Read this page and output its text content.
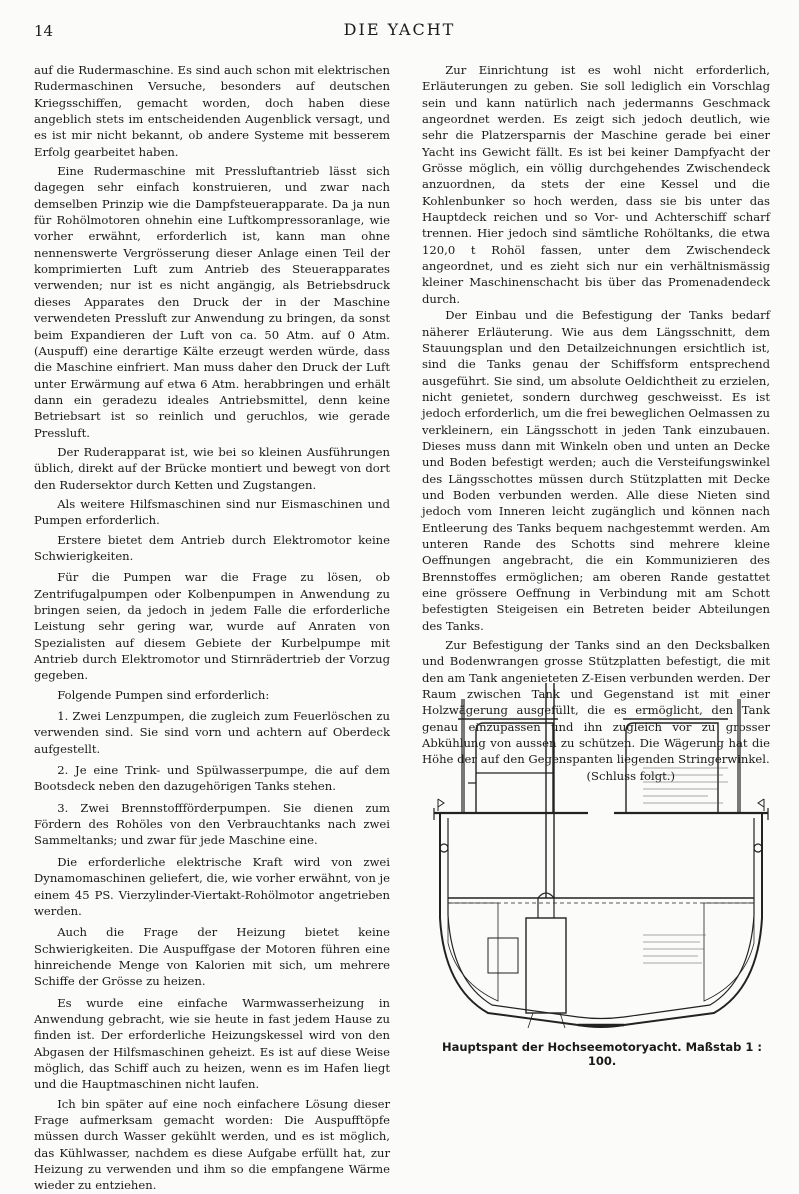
14	DIE YACHT

auf die Rudermaschine. Es sind auch schon mit elektrischen Rudermaschinen Versuche, besonders auf deutschen Kriegsschiffen, gemacht worden, doch haben diese angeblich stets im entscheidenden Augenblick versagt, und es ist mir nicht bekannt, ob andere Systeme mit besserem Erfolg gearbeitet haben.

Eine Rudermaschine mit Pressluftantrieb lässt sich dagegen sehr einfach konstruieren, und zwar nach demselben Prinzip wie die Dampfsteuerapparate. Da ja nun für Rohölmotoren ohnehin eine Luftkompressoranlage, wie vorher erwähnt, erforderlich ist, kann man ohne nennenswerte Vergrösserung dieser Anlage einen Teil der komprimierten Luft zum Antrieb des Steuerapparates verwenden; nur ist es nicht angängig, als Betriebsdruck dieses Apparates den Druck der in der Maschine verwendeten Pressluft zur Anwendung zu bringen, da sonst beim Expandieren der Luft von ca. 50 Atm. auf 0 Atm. (Auspuff) eine derartige Kälte erzeugt werden würde, dass die Maschine einfriert. Man muss daher den Druck der Luft unter Erwärmung auf etwa 6 Atm. herabbringen und erhält dann ein geradezu ideales Antriebsmittel, denn keine Betriebsart ist so reinlich und geruchlos, wie gerade Pressluft.

Der Ruderapparat ist, wie bei so kleinen Ausführungen üblich, direkt auf der Brücke montiert und bewegt von dort den Rudersektor durch Ketten und Zugstangen.

Als weitere Hilfsmaschinen sind nur Eismaschinen und Pumpen erforderlich.

Erstere bietet dem Antrieb durch Elektromotor keine Schwierigkeiten.

Für die Pumpen war die Frage zu lösen, ob Zentrifugalpumpen oder Kolbenpumpen in Anwendung zu bringen seien, da jedoch in jedem Falle die erforderliche Leistung sehr gering war, wurde auf Anraten von Spezialisten auf diesem Gebiete der Kurbelpumpe mit Antrieb durch Elektromotor und Stirnrädertrieb der Vorzug gegeben.

Folgende Pumpen sind erforderlich:

1. Zwei Lenzpumpen, die zugleich zum Feuerlöschen zu verwenden sind. Sie sind vorn und achtern auf Oberdeck aufgestellt.

2. Je eine Trink- und Spülwasserpumpe, die auf dem Bootsdeck neben den dazugehörigen Tanks stehen.

3. Zwei Brennstoffförderpumpen. Sie dienen zum Fördern des Rohöles von den Verbrauchtanks nach zwei Sammeltanks; und zwar für jede Maschine eine.

Die erforderliche elektrische Kraft wird von zwei Dynamomaschinen geliefert, die, wie vorher erwähnt, von je einem 45 PS. Vierzylinder-Viertakt-Rohölmotor angetrieben werden.

Auch die Frage der Heizung bietet keine Schwierigkeiten. Die Auspuffgase der Motoren führen eine hinreichende Menge von Kalorien mit sich, um mehrere Schiffe der Grösse zu heizen.

Es wurde eine einfache Warmwasserheizung in Anwendung gebracht, wie sie heute in fast jedem Hause zu finden ist. Der erforderliche Heizungskessel wird von den Abgasen der Hilfsmaschinen geheizt. Es ist auf diese Weise möglich, das Schiff auch zu heizen, wenn es im Hafen liegt und die Hauptmaschinen nicht laufen.

Ich bin später auf eine noch einfachere Lösung dieser Frage aufmerksam gemacht worden: Die Auspufftöpfe müssen durch Wasser gekühlt werden, und es ist möglich, das Kühlwasser, nachdem es diese Aufgabe erfüllt hat, zur Heizung zu verwenden und ihm so die empfangene Wärme wieder zu entziehen.

Zur Einrichtung ist es wohl nicht erforderlich, Erläuterungen zu geben. Sie soll lediglich ein Vorschlag sein und kann natürlich nach jedermanns Geschmack angeordnet werden. Es zeigt sich jedoch deutlich, wie sehr die Platzersparnis der Maschine gerade bei einer Yacht ins Gewicht fällt. Es ist bei keiner Dampfyacht der Grösse möglich, ein völlig durchgehendes Zwischendeck anzuordnen, da stets der eine Kessel und die Kohlenbunker so hoch werden, dass sie bis unter das Hauptdeck reichen und so Vor- und Achterschiff scharf trennen. Hier jedoch sind sämtliche Rohöltanks, die etwa 120,0 t Rohöl fassen, unter dem Zwischendeck angeordnet, und es zieht sich nur ein verhältnismässig kleiner Maschinenschacht bis über das Promenadendeck durch.

Der Einbau und die Befestigung der Tanks bedarf näherer Erläuterung. Wie aus dem Längsschnitt, dem Stauungsplan und den Detailzeichnungen ersichtlich ist, sind die Tanks genau der Schiffsform entsprechend ausgeführt. Sie sind, um absolute Oeldichtheit zu erzielen, nicht genietet, sondern durchweg geschweisst. Es ist jedoch erforderlich, um die frei beweglichen Oelmassen zu verkleinern, ein Längsschott in jeden Tank einzubauen. Dieses muss dann mit Winkeln oben und unten an Decke und Boden befestigt werden; auch die Versteifungswinkel des Längsschottes müssen durch Stützplatten mit Decke und Boden verbunden werden. Alle diese Nieten sind jedoch vom Inneren leicht zugänglich und können nach Entleerung des Tanks bequem nachgestemmt werden. Am unteren Rande des Schotts sind mehrere kleine Oeffnungen angebracht, die ein Kommunizieren des Brennstoffes ermöglichen; am oberen Rande gestattet eine grössere Oeffnung in Verbindung mit am Schott befestigten Steigeisen ein Betreten beider Abteilungen des Tanks.

Zur Befestigung der Tanks sind an den Decksbalken und Bodenwrangen grosse Stützplatten befestigt, die mit den am Tank angenieteten Z-Eisen verbunden werden. Der Raum zwischen Tank und Gegenstand ist mit einer Holzwägerung ausgefüllt, die es ermöglicht, den Tank genau einzupassen und ihn zugleich vor zu grosser Abkühlung von aussen zu schützen. Die Wägerung hat die Höhe der auf den Gegenspanten liegenden Stringerwinkel.

(Schluss folgt.)

Hauptspant der Hochseemotoryacht. Maßstab 1 : 100.
